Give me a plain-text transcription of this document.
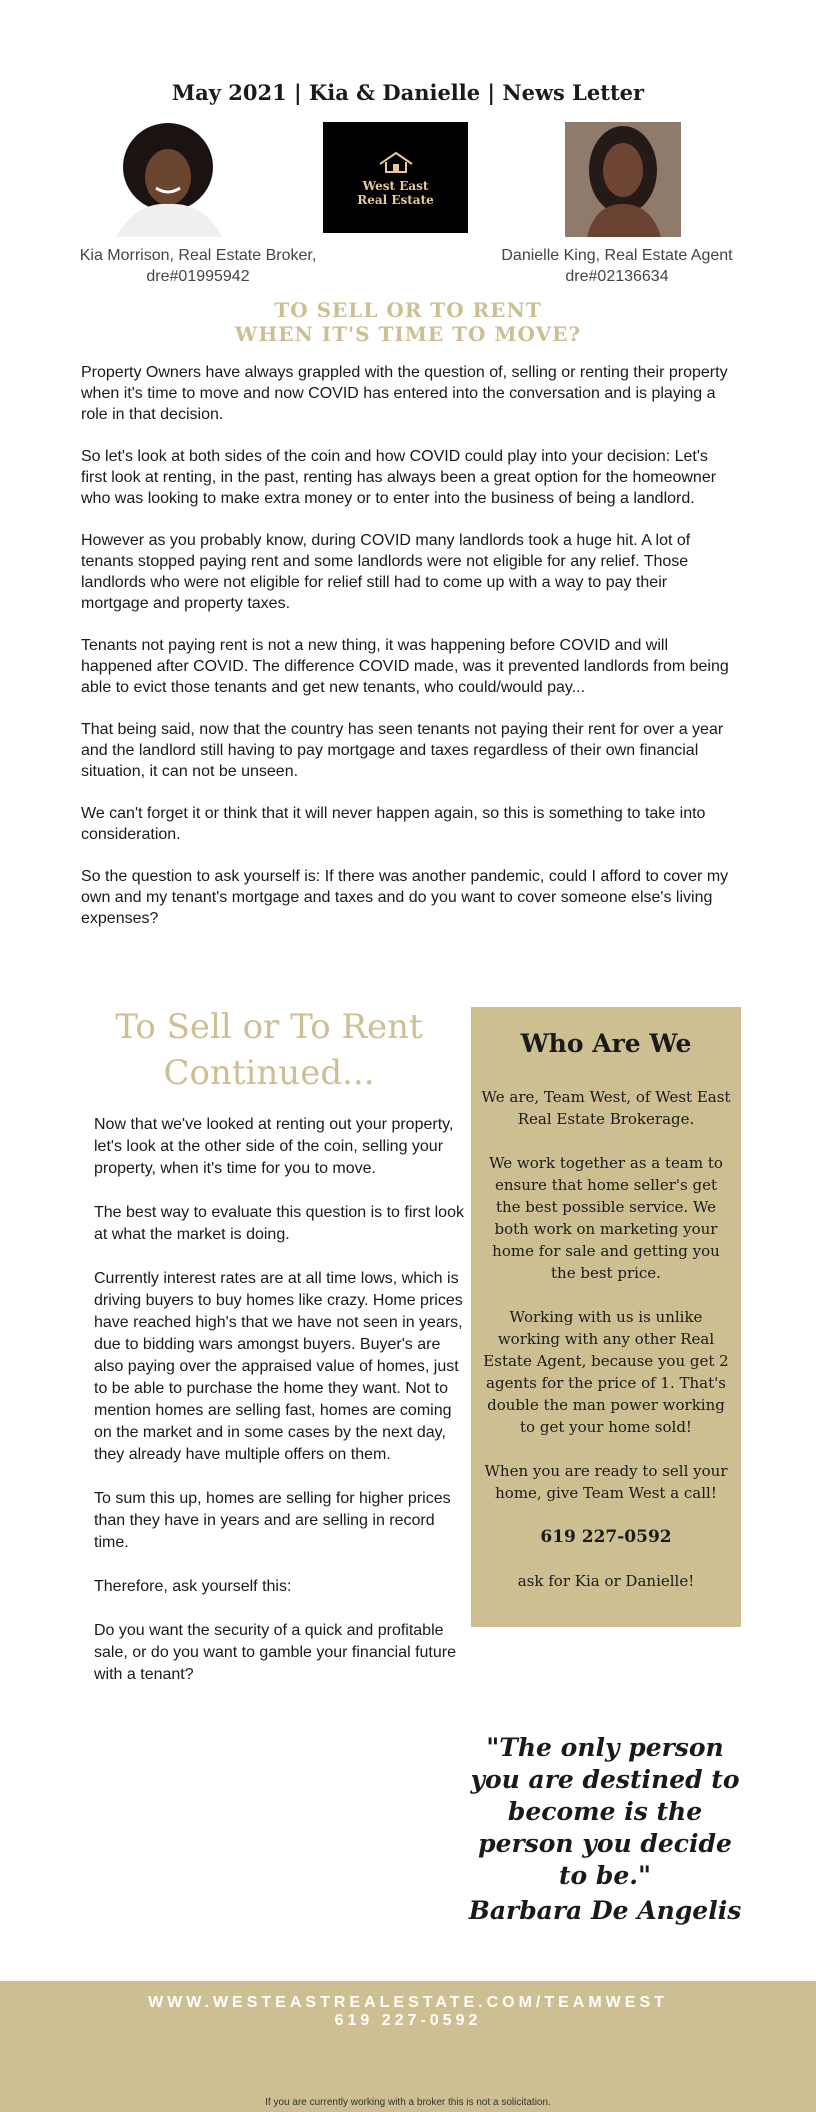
May 2021 | Kia & Danielle | News Letter
West East
Real Estate
Kia Morrison, Real Estate Broker,
dre#01995942
Danielle King, Real Estate Agent
dre#02136634
TO SELL OR TO RENT
WHEN IT'S TIME TO MOVE?

Property Owners have always grappled with the question of, selling or renting their property when it's time to move and now COVID has entered into the conversation and is playing a role in that decision.

So let's look at both sides of the coin and how COVID could play into your decision: Let's first look at renting, in the past, renting has always been a great option for the homeowner who was looking to make extra money or to enter into the business of being a landlord.

However as you probably know, during COVID many landlords took a huge hit. A lot of tenants stopped paying rent and some landlords were not eligible for any relief. Those landlords who were not eligible for relief still had to come up with a way to pay their mortgage and property taxes.

Tenants not paying rent is not a new thing, it was happening before COVID and will happened after COVID. The difference COVID made, was it prevented landlords from being able to evict those tenants and get new tenants, who could/would pay...

That being said, now that the country has seen tenants not paying their rent for over a year and the landlord still having to pay mortgage and taxes regardless of their own financial situation, it can not be unseen.

We can't forget it or think that it will never happen again, so this is something to take into consideration.

So the question to ask yourself is: If there was another pandemic, could I afford to cover my own and my tenant's mortgage and taxes and do you want to cover someone else's living expenses?

To Sell or To Rent
Continued...

Now that we've looked at renting out your property, let's look at the other side of the coin, selling your property, when it's time for you to move.

The best way to evaluate this question is to first look at what the market is doing.

Currently interest rates are at all time lows, which is driving buyers to buy homes like crazy. Home prices have reached high's that we have not seen in years, due to bidding wars amongst buyers. Buyer's are also paying over the appraised value of homes, just to be able to purchase the home they want. Not to mention homes are selling fast, homes are coming on the market and in some cases by the next day, they already have multiple offers on them.

To sum this up, homes are selling for higher prices than they have in years and are selling in record time.

Therefore, ask yourself this:

Do you want the security of a quick and profitable sale, or do you want to gamble your financial future with a tenant?

Who Are We

We are, Team West, of West East Real Estate Brokerage.

We work together as a team to ensure that home seller's get the best possible service. We both work on marketing your home for sale and getting you the best price.

Working with us is unlike working with any other Real Estate Agent, because you get 2 agents for the price of 1. That's double the man power working to get your home sold!

When you are ready to sell your home, give Team West a call!

619 227-0592

ask for Kia or Danielle!

"The only person you are destined to become is the person you decide to be."
Barbara De Angelis
WWW.WESTEASTREALESTATE.COM/TEAMWEST
619 227-0592
If you are currently working with a broker this is not a solicitation.
